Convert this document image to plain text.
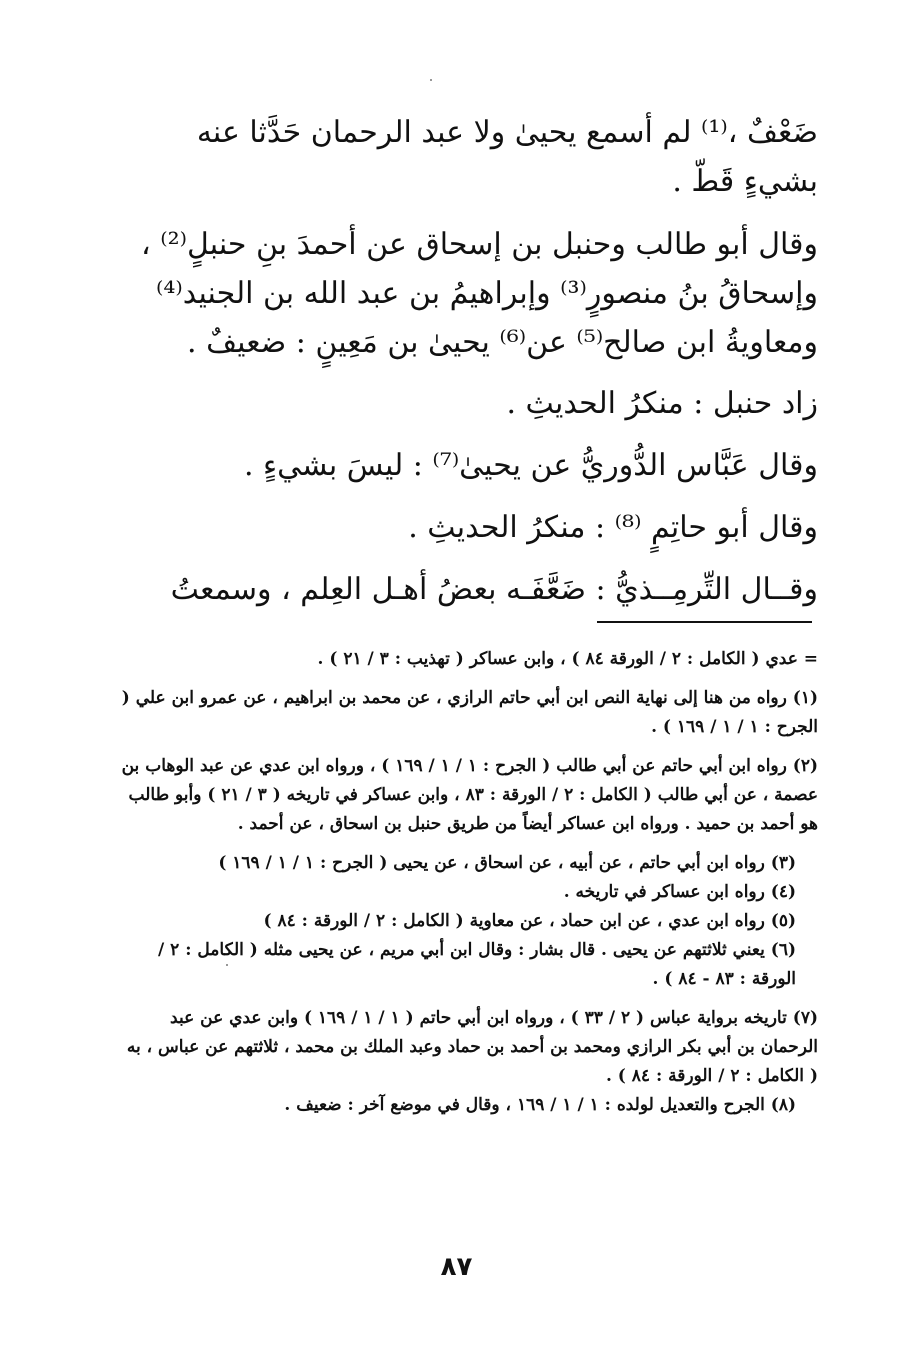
ضَعْفٌ ،⁽¹⁾ لم أسمع يحيىٰ ولا عبد الرحمان حَدَّثا عنه بشيءٍ قَطّ .

وقال أبو طالب وحنبل بن إسحاق عن أحمدَ بنِ حنبلٍ⁽²⁾ ، وإسحاقُ بنُ منصورٍ⁽³⁾ وإبراهيمُ بن عبد الله بن الجنيد⁽⁴⁾ ومعاويةُ ابن صالح⁽⁵⁾ عن⁽⁶⁾ يحيىٰ بن مَعِينٍ : ضعيفٌ .

زاد حنبل : منكرُ الحديثِ .

وقال عَبَّاس الدُّوريُّ عن يحيىٰ⁽⁷⁾ : ليسَ بشيءٍ .

وقال أبو حاتِمٍ ⁽⁸⁾ : منكرُ الحديثِ .

وقــال التِّرمِــذيُّ : ضَعَّفَـه بعضُ أهـل العِلم ، وسمعتُ

= عدي ( الكامل : ٢ / الورقة ٨٤ ) ، وابن عساكر ( تهذيب : ٣ / ٢١ ) .

(١) رواه من هنا إلى نهاية النص ابن أبي حاتم الرازي ، عن محمد بن ابراهيم ، عن عمرو ابن علي ( الجرح : ١ / ١ / ١٦٩ ) .

(٢) رواه ابن أبي حاتم عن أبي طالب ( الجرح : ١ / ١ / ١٦٩ ) ، ورواه ابن عدي عن عبد الوهاب بن عصمة ، عن أبي طالب ( الكامل : ٢ / الورقة : ٨٣ ، وابن عساكر في تاريخه ( ٣ / ٢١ ) وأبو طالب هو أحمد بن حميد . ورواه ابن عساكر أيضاً من طريق حنبل بن اسحاق ، عن أحمد .

(٣) رواه ابن أبي حاتم ، عن أبيه ، عن اسحاق ، عن يحيى ( الجرح : ١ / ١ / ١٦٩ )

(٤) رواه ابن عساكر في تاريخه .

(٥) رواه ابن عدي ، عن ابن حماد ، عن معاوية ( الكامل : ٢ / الورقة : ٨٤ )

(٦) يعني ثلاثتهم عن يحيى . قال بشار : وقال ابن أبي مريم ، عن يحيى مثله ( الكامل : ٢ / الورقة : ٨٣ - ٨٤ ) .

(٧) تاريخه برواية عباس ( ٢ / ٣٣ ) ، ورواه ابن أبي حاتم ( ١ / ١ / ١٦٩ ) وابن عدي عن عبد الرحمان بن أبي بكر الرازي ومحمد بن أحمد بن حماد وعبد الملك بن محمد ، ثلاثتهم عن عباس ، به ( الكامل : ٢ / الورقة : ٨٤ ) .

(٨) الجرح والتعديل لولده : ١ / ١ / ١٦٩ ، وقال في موضع آخر : ضعيف .

٨٧
